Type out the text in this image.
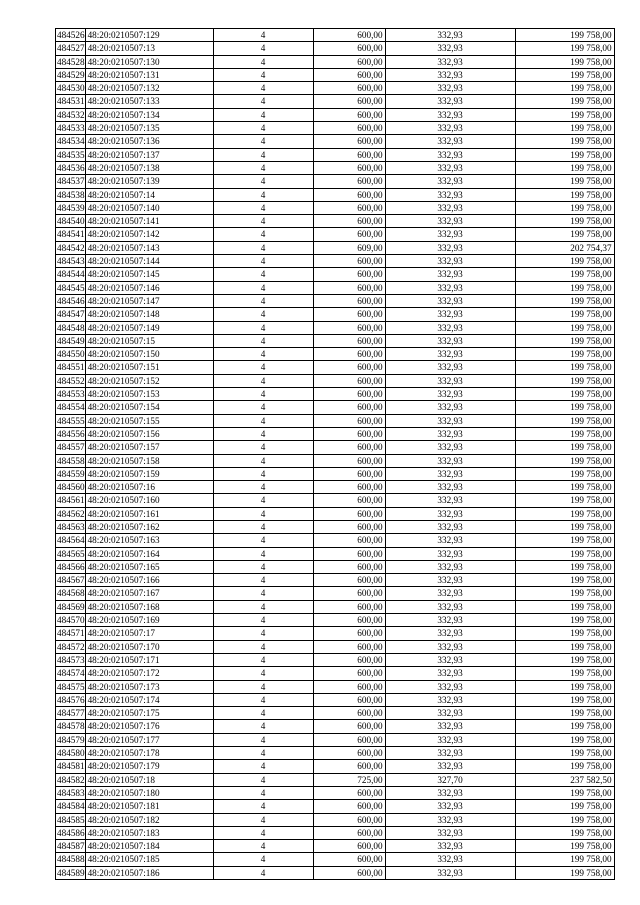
484526	48:20:0210507:129	4	600,00	332,93	199 758,00
484527	48:20:0210507:13	4	600,00	332,93	199 758,00
484528	48:20:0210507:130	4	600,00	332,93	199 758,00
484529	48:20:0210507:131	4	600,00	332,93	199 758,00
484530	48:20:0210507:132	4	600,00	332,93	199 758,00
484531	48:20:0210507:133	4	600,00	332,93	199 758,00
484532	48:20:0210507:134	4	600,00	332,93	199 758,00
484533	48:20:0210507:135	4	600,00	332,93	199 758,00
484534	48:20:0210507:136	4	600,00	332,93	199 758,00
484535	48:20:0210507:137	4	600,00	332,93	199 758,00
484536	48:20:0210507:138	4	600,00	332,93	199 758,00
484537	48:20:0210507:139	4	600,00	332,93	199 758,00
484538	48:20:0210507:14	4	600,00	332,93	199 758,00
484539	48:20:0210507:140	4	600,00	332,93	199 758,00
484540	48:20:0210507:141	4	600,00	332,93	199 758,00
484541	48:20:0210507:142	4	600,00	332,93	199 758,00
484542	48:20:0210507:143	4	609,00	332,93	202 754,37
484543	48:20:0210507:144	4	600,00	332,93	199 758,00
484544	48:20:0210507:145	4	600,00	332,93	199 758,00
484545	48:20:0210507:146	4	600,00	332,93	199 758,00
484546	48:20:0210507:147	4	600,00	332,93	199 758,00
484547	48:20:0210507:148	4	600,00	332,93	199 758,00
484548	48:20:0210507:149	4	600,00	332,93	199 758,00
484549	48:20:0210507:15	4	600,00	332,93	199 758,00
484550	48:20:0210507:150	4	600,00	332,93	199 758,00
484551	48:20:0210507:151	4	600,00	332,93	199 758,00
484552	48:20:0210507:152	4	600,00	332,93	199 758,00
484553	48:20:0210507:153	4	600,00	332,93	199 758,00
484554	48:20:0210507:154	4	600,00	332,93	199 758,00
484555	48:20:0210507:155	4	600,00	332,93	199 758,00
484556	48:20:0210507:156	4	600,00	332,93	199 758,00
484557	48:20:0210507:157	4	600,00	332,93	199 758,00
484558	48:20:0210507:158	4	600,00	332,93	199 758,00
484559	48:20:0210507:159	4	600,00	332,93	199 758,00
484560	48:20:0210507:16	4	600,00	332,93	199 758,00
484561	48:20:0210507:160	4	600,00	332,93	199 758,00
484562	48:20:0210507:161	4	600,00	332,93	199 758,00
484563	48:20:0210507:162	4	600,00	332,93	199 758,00
484564	48:20:0210507:163	4	600,00	332,93	199 758,00
484565	48:20:0210507:164	4	600,00	332,93	199 758,00
484566	48:20:0210507:165	4	600,00	332,93	199 758,00
484567	48:20:0210507:166	4	600,00	332,93	199 758,00
484568	48:20:0210507:167	4	600,00	332,93	199 758,00
484569	48:20:0210507:168	4	600,00	332,93	199 758,00
484570	48:20:0210507:169	4	600,00	332,93	199 758,00
484571	48:20:0210507:17	4	600,00	332,93	199 758,00
484572	48:20:0210507:170	4	600,00	332,93	199 758,00
484573	48:20:0210507:171	4	600,00	332,93	199 758,00
484574	48:20:0210507:172	4	600,00	332,93	199 758,00
484575	48:20:0210507:173	4	600,00	332,93	199 758,00
484576	48:20:0210507:174	4	600,00	332,93	199 758,00
484577	48:20:0210507:175	4	600,00	332,93	199 758,00
484578	48:20:0210507:176	4	600,00	332,93	199 758,00
484579	48:20:0210507:177	4	600,00	332,93	199 758,00
484580	48:20:0210507:178	4	600,00	332,93	199 758,00
484581	48:20:0210507:179	4	600,00	332,93	199 758,00
484582	48:20:0210507:18	4	725,00	327,70	237 582,50
484583	48:20:0210507:180	4	600,00	332,93	199 758,00
484584	48:20:0210507:181	4	600,00	332,93	199 758,00
484585	48:20:0210507:182	4	600,00	332,93	199 758,00
484586	48:20:0210507:183	4	600,00	332,93	199 758,00
484587	48:20:0210507:184	4	600,00	332,93	199 758,00
484588	48:20:0210507:185	4	600,00	332,93	199 758,00
484589	48:20:0210507:186	4	600,00	332,93	199 758,00
